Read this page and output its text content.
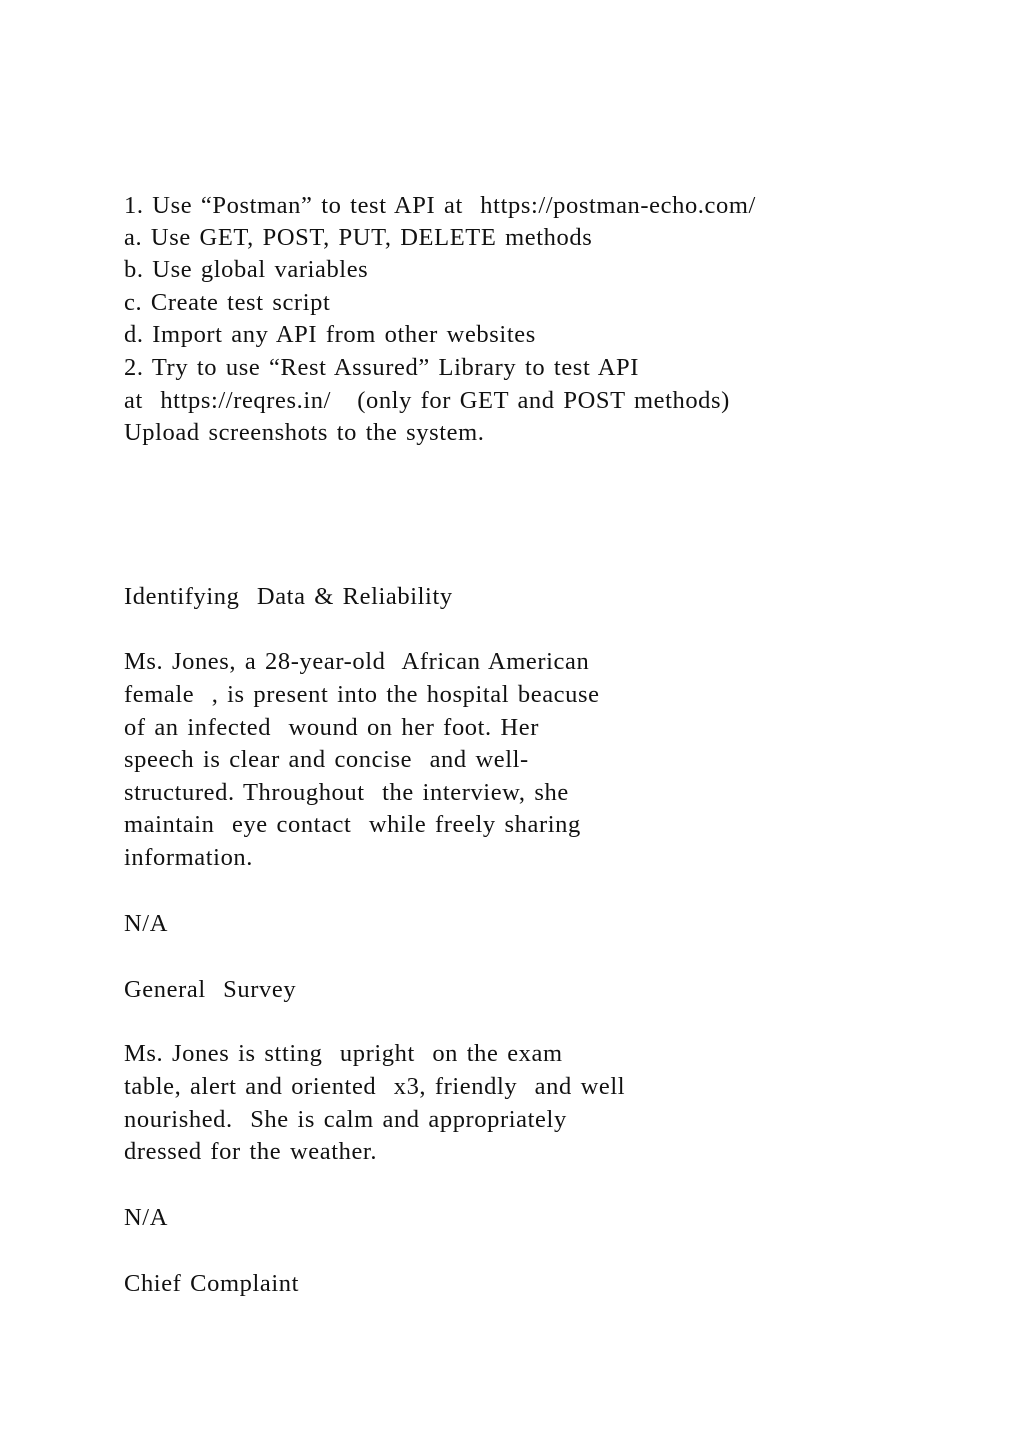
1. Use “Postman” to test API at  https://postman-echo.com/

a. Use GET, POST, PUT, DELETE methods

b. Use global variables

c. Create test script

d. Import any API from other websites

2. Try to use “Rest Assured” Library to test API

at  https://reqres.in/   (only for GET and POST methods)

Upload screenshots to the system.

Identifying  Data & Reliability

Ms. Jones, a 28-year-old  African American

female  , is present into the hospital beacuse

of an infected  wound on her foot. Her

speech is clear and concise  and well-

structured. Throughout  the interview, she

maintain  eye contact  while freely sharing

information.

N/A

General  Survey

Ms. Jones is stting  upright  on the exam

table, alert and oriented  x3, friendly  and well

nourished.  She is calm and appropriately

dressed for the weather.

N/A

Chief Complaint
